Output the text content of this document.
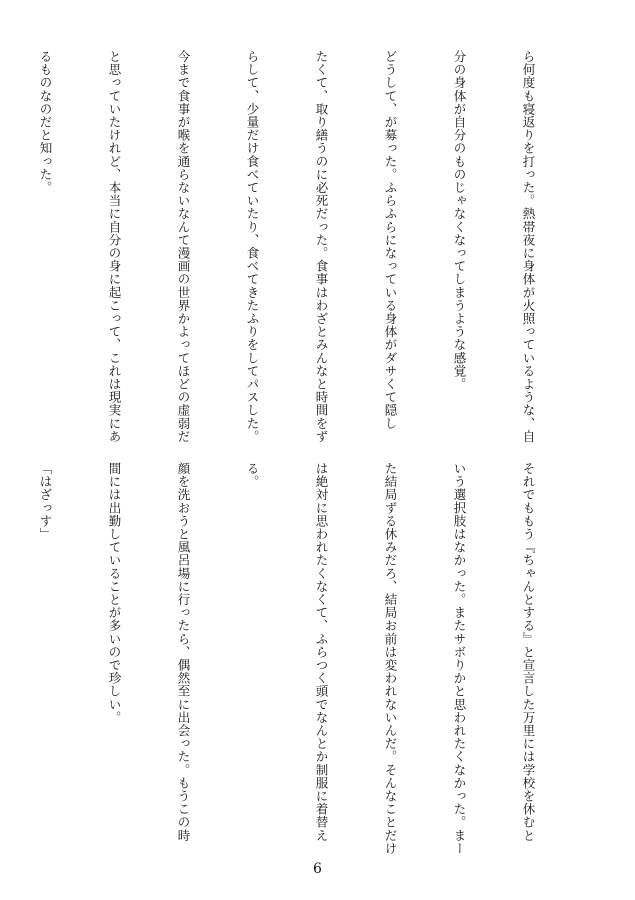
ら何度も寝返りを打った。熱帯夜に身体が火照っているような、自

分の身体が自分のものじゃなくなってしまうような感覚。

どうして、が募った。ふらふらになっている身体がダサくて隠し

たくて、取り繕うのに必死だった。食事はわざとみんなと時間をず

らして、少量だけ食べていたり、食べてきたふりをしてパスした。

今まで食事が喉を通らないなんて漫画の世界かよってほどの虚弱だ

と思っていたけれど、本当に自分の身に起こって、これは現実にあ

るものなのだと知った。

それでももう『ちゃんとする』と宣言した万里には学校を休むと

いう選択肢はなかった。またサボりかと思われたくなかった。まー

た結局ずる休みだろ、結局お前は変われないんだ。そんなことだけ

は絶対に思われたくなくて、ふらつく頭でなんとか制服に着替え

る。

顔を洗おうと風呂場に行ったら、偶然至に出会った。もうこの時

間には出勤していることが多いので珍しい。

「はざっす」

6
